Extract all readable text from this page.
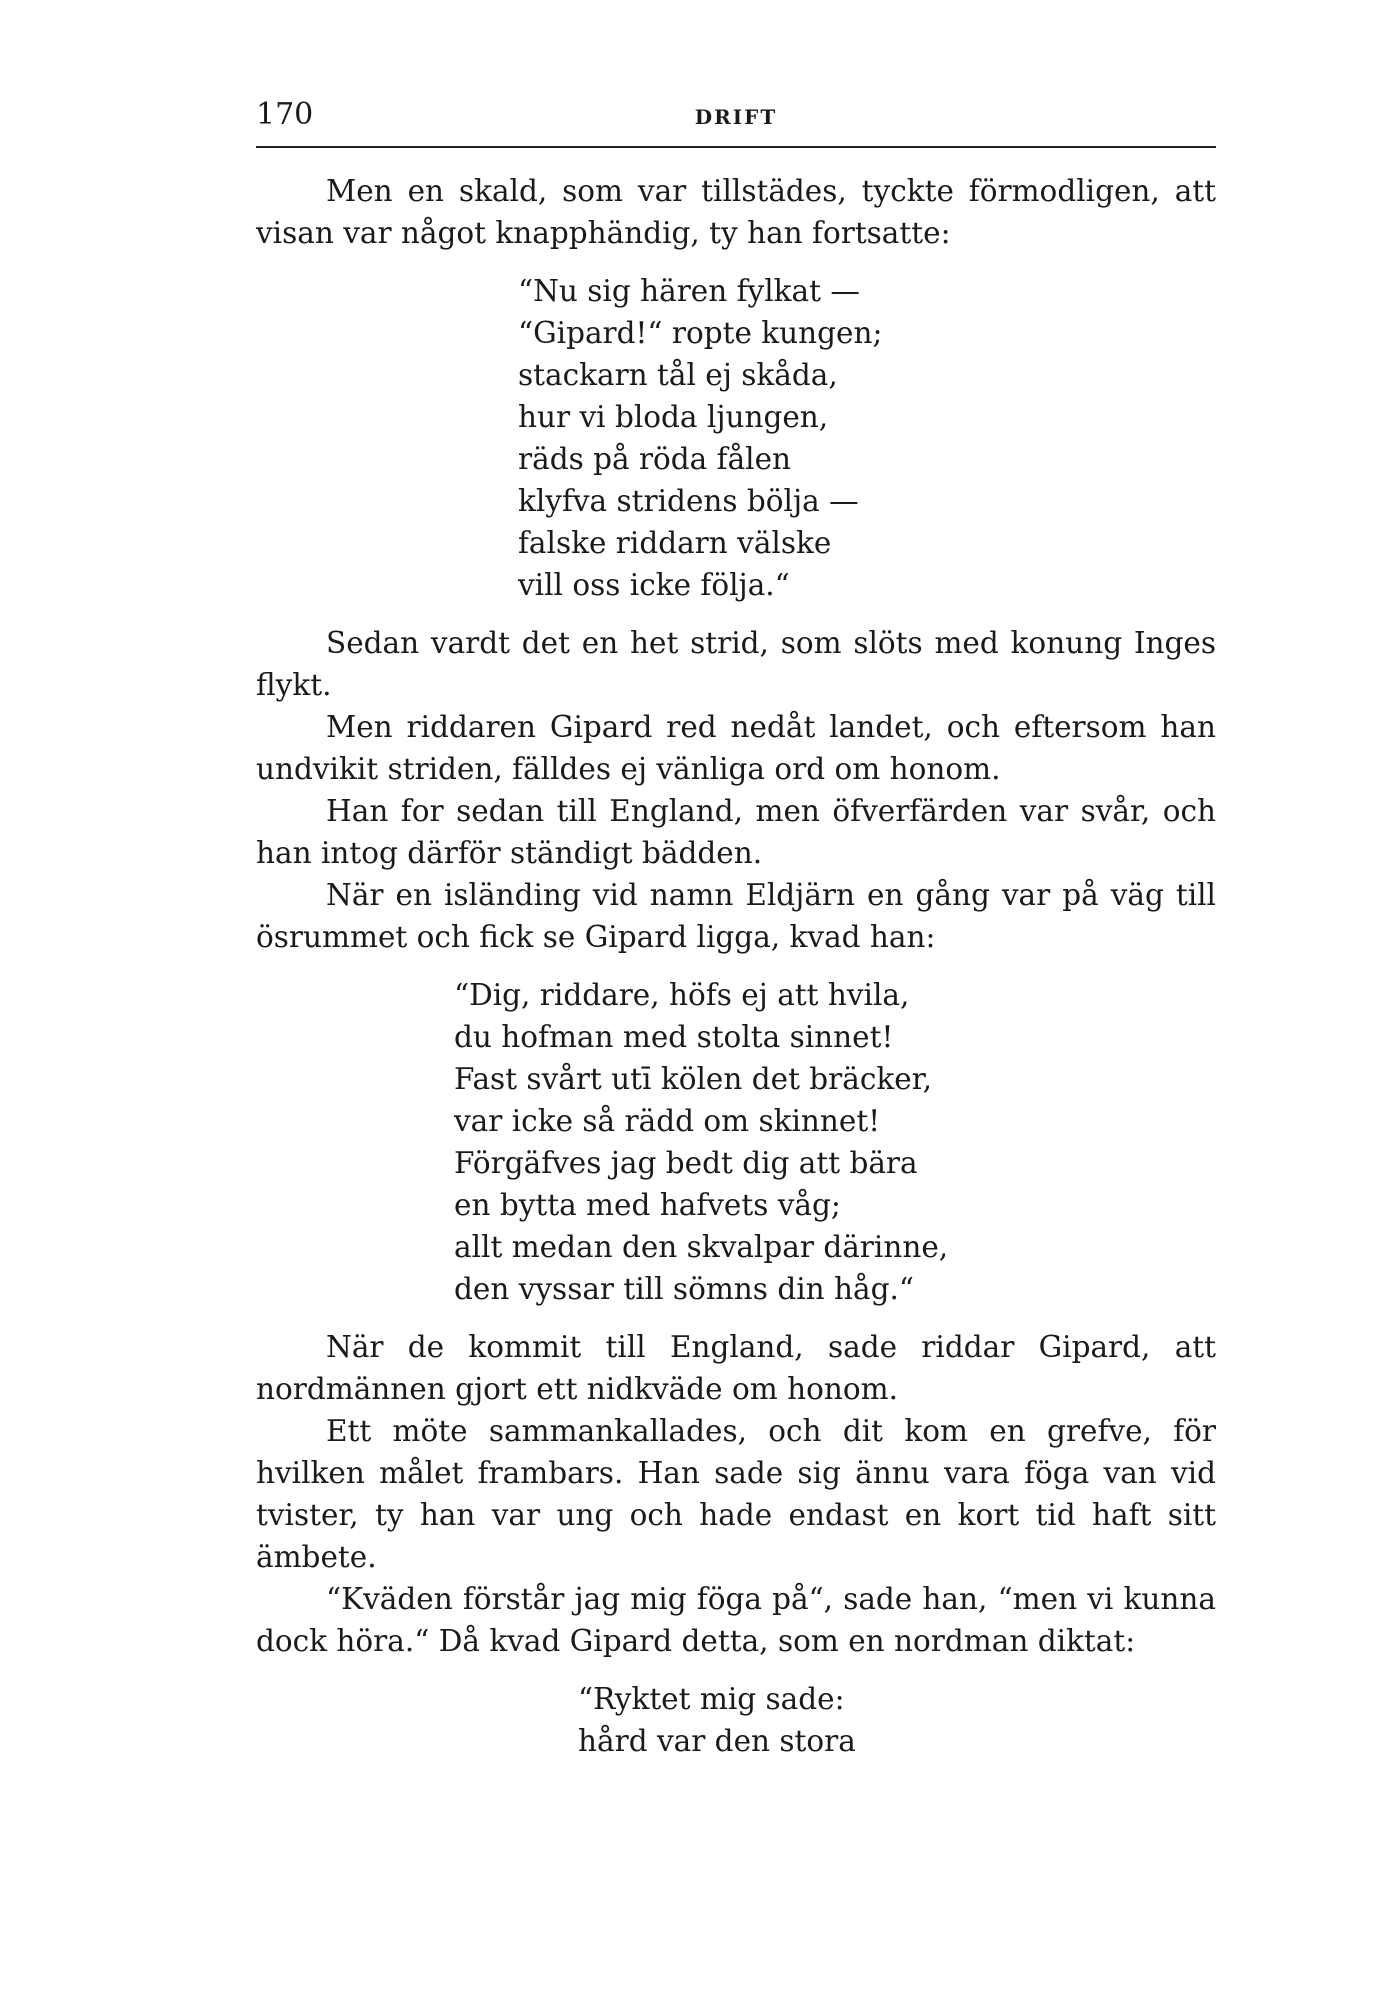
170	DRIFT

Men en skald, som var tillstädes, tyckte förmodligen, att visan var något knapphändig, ty han fortsatte:

“Nu sig hären fylkat —
“Gipard!“ ropte kungen;
stackarn tål ej skåda,
hur vi bloda ljungen,
räds på röda fålen
klyfva stridens bölja —
falske riddarn välske
vill oss icke följa.“

Sedan vardt det en het strid, som slöts med konung Inges flykt.

Men riddaren Gipard red nedåt landet, och eftersom han undvikit striden, fälldes ej vänliga ord om honom.

Han for sedan till England, men öfverfärden var svår, och han intog därför ständigt bädden.

När en isländing vid namn Eldjärn en gång var på väg till ösrummet och fick se Gipard ligga, kvad han:

“Dig, riddare, höfs ej att hvila,
du hofman med stolta sinnet!
Fast svårt utī kölen det bräcker,
var icke så rädd om skinnet!
Förgäfves jag bedt dig att bära
en bytta med hafvets våg;
allt medan den skvalpar därinne,
den vyssar till sömns din håg.“

När de kommit till England, sade riddar Gipard, att nordmännen gjort ett nidkväde om honom.

Ett möte sammankallades, och dit kom en grefve, för hvilken målet frambars. Han sade sig ännu vara föga van vid tvister, ty han var ung och hade endast en kort tid haft sitt ämbete.

“Kväden förstår jag mig föga på“, sade han, “men vi kunna dock höra.“ Då kvad Gipard detta, som en nordman diktat:

“Ryktet mig sade:
hård var den stora
